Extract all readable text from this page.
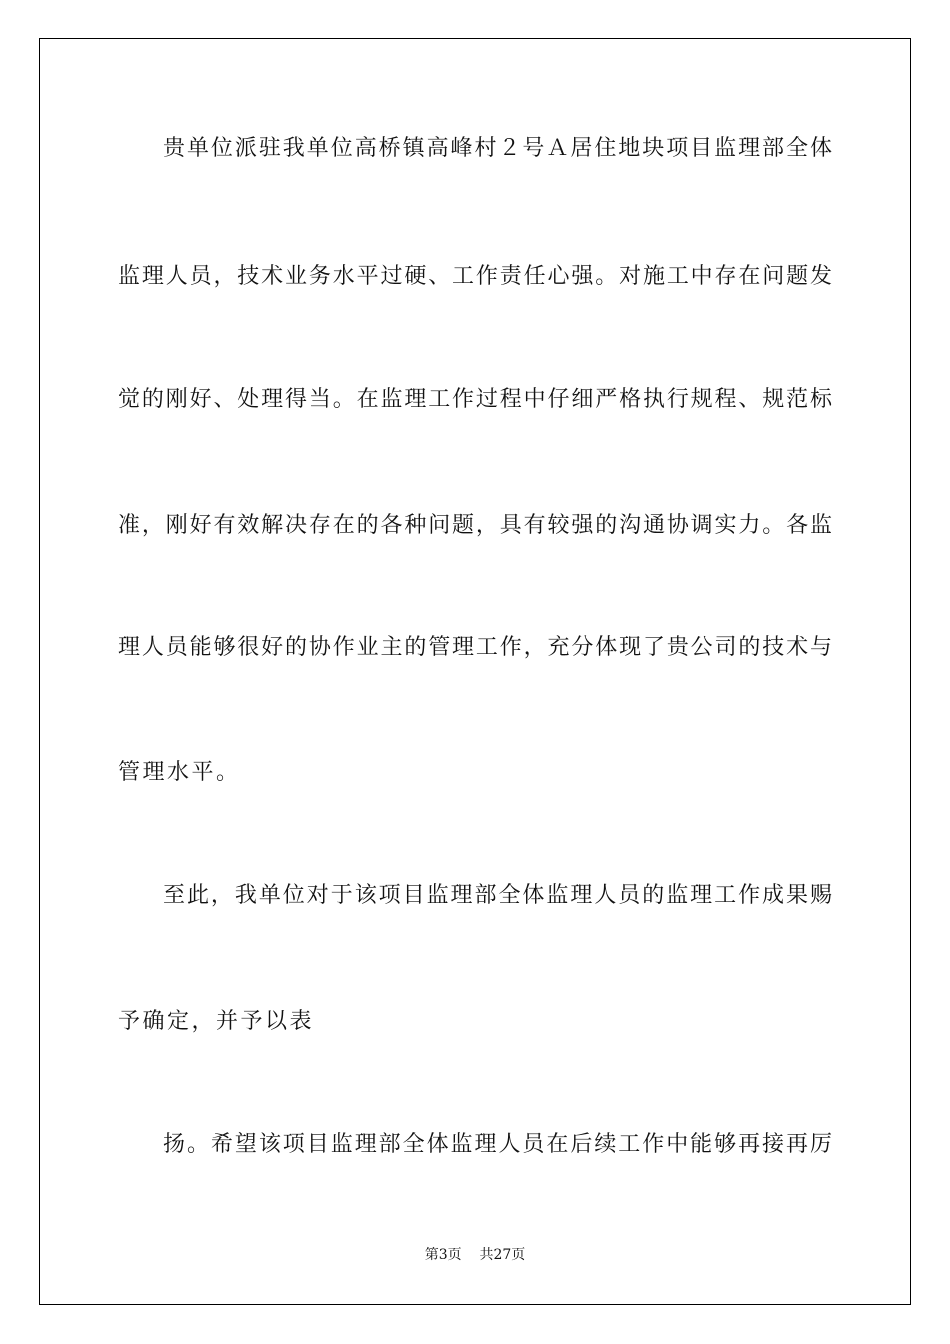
贵单位派驻我单位高桥镇高峰村２号Ａ居住地块项目监理部全体

监理人员，技术业务水平过硬、工作责任心强。对施工中存在问题发

觉的刚好、处理得当。在监理工作过程中仔细严格执行规程、规范标

准，刚好有效解决存在的各种问题，具有较强的沟通协调实力。各监

理人员能够很好的协作业主的管理工作，充分体现了贵公司的技术与

管理水平。

至此，我单位对于该项目监理部全体监理人员的监理工作成果赐

予确定，并予以表

扬。希望该项目监理部全体监理人员在后续工作中能够再接再厉

第3页 共27页
